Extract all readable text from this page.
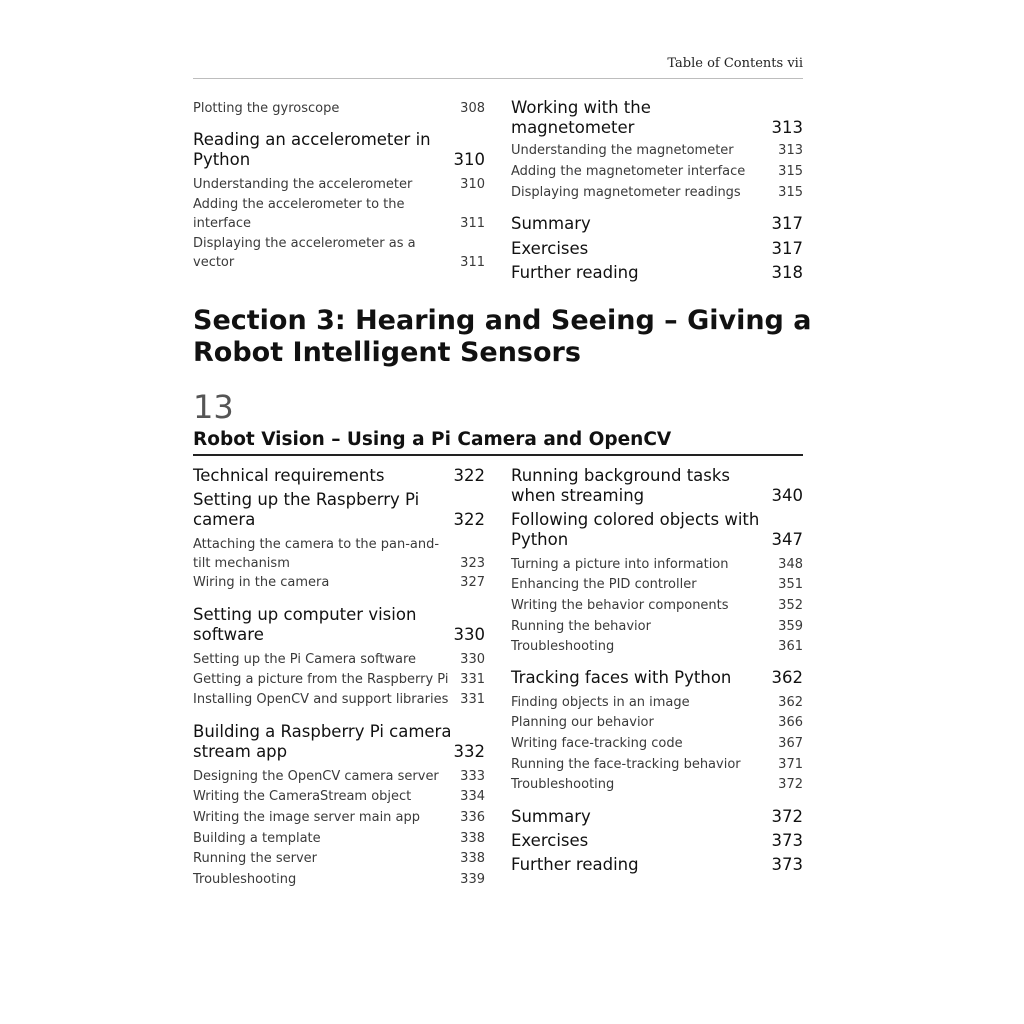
Table of Contents vii
Plotting the gyroscope	308
Reading an accelerometer in Python	310
Understanding the accelerometer	310
Adding the accelerometer to the interface	311
Displaying the accelerometer as a vector	311
Working with the magnetometer	313
Understanding the magnetometer	313
Adding the magnetometer interface	315
Displaying magnetometer readings	315
Summary	317
Exercises	317
Further reading	318
Section 3: Hearing and Seeing – Giving a Robot Intelligent Sensors
13
Robot Vision – Using a Pi Camera and OpenCV
Technical requirements	322
Setting up the Raspberry Pi camera	322
Attaching the camera to the pan-and-tilt mechanism	323
Wiring in the camera	327
Setting up computer vision software	330
Setting up the Pi Camera software	330
Getting a picture from the Raspberry Pi 331
Installing OpenCV and support libraries 331
Building a Raspberry Pi camera stream app	332
Designing the OpenCV camera server	333
Writing the CameraStream object	334
Writing the image server main app	336
Building a template	338
Running the server	338
Troubleshooting	339
Running background tasks when streaming	340
Following colored objects with Python	347
Turning a picture into information	348
Enhancing the PID controller	351
Writing the behavior components	352
Running the behavior	359
Troubleshooting	361
Tracking faces with Python	362
Finding objects in an image	362
Planning our behavior	366
Writing face-tracking code	367
Running the face-tracking behavior	371
Troubleshooting	372
Summary	372
Exercises	373
Further reading	373
